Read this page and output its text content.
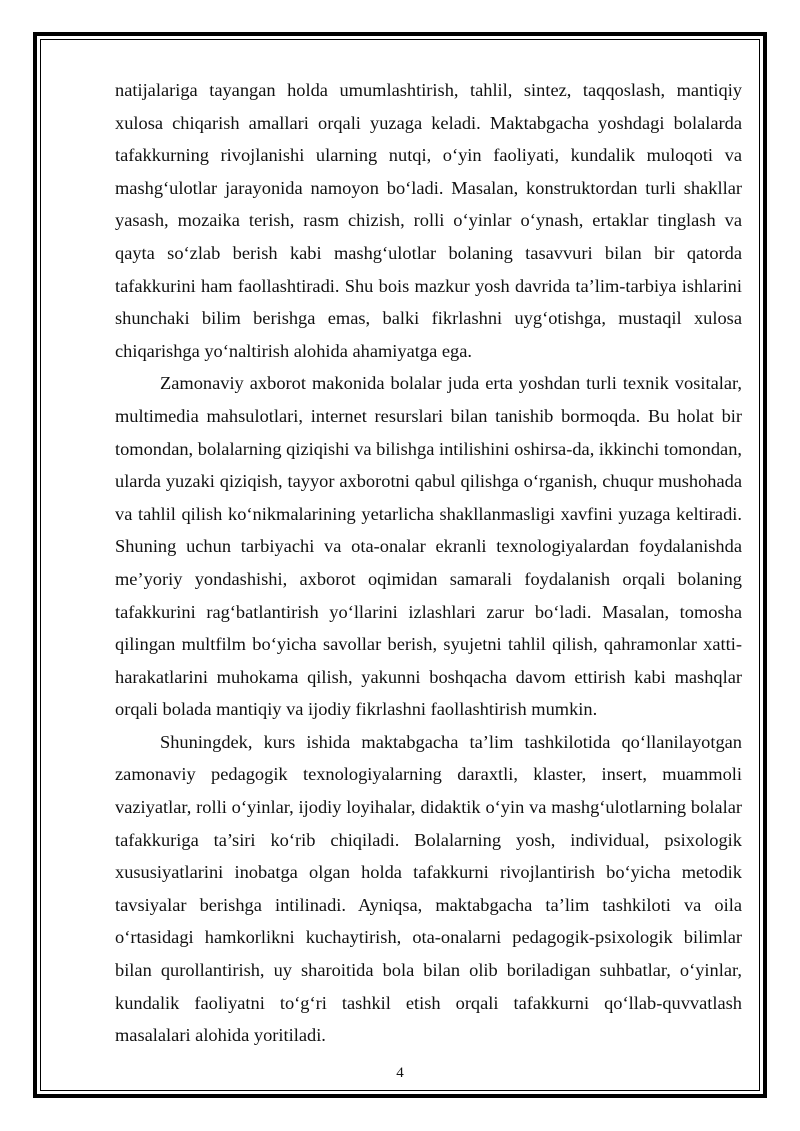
natijalariga tayangan holda umumlashtirish, tahlil, sintez, taqqoslash, mantiqiy xulosa chiqarish amallari orqali yuzaga keladi. Maktabgacha yoshdagi bolalarda tafakkurning rivojlanishi ularning nutqi, o‘yin faoliyati, kundalik muloqoti va mashg‘ulotlar jarayonida namoyon bo‘ladi. Masalan, konstruktordan turli shakllar yasash, mozaika terish, rasm chizish, rolli o‘yinlar o‘ynash, ertaklar tinglash va qayta so‘zlab berish kabi mashg‘ulotlar bolaning tasavvuri bilan bir qatorda tafakkurini ham faollashtiradi. Shu bois mazkur yosh davrida ta’lim-tarbiya ishlarini shunchaki bilim berishga emas, balki fikrlashni uyg‘otishga, mustaqil xulosa chiqarishga yo‘naltirish alohida ahamiyatga ega.

Zamonaviy axborot makonida bolalar juda erta yoshdan turli texnik vositalar, multimedia mahsulotlari, internet resurslari bilan tanishib bormoqda. Bu holat bir tomondan, bolalarning qiziqishi va bilishga intilishini oshirsa-da, ikkinchi tomondan, ularda yuzaki qiziqish, tayyor axborotni qabul qilishga o‘rganish, chuqur mushohada va tahlil qilish ko‘nikmalarining yetarlicha shakllanmasligi xavfini yuzaga keltiradi. Shuning uchun tarbiyachi va ota-onalar ekranli texnologiyalardan foydalanishda me’yoriy yondashishi, axborot oqimidan samarali foydalanish orqali bolaning tafakkurini rag‘batlantirish yo‘llarini izlashlari zarur bo‘ladi. Masalan, tomosha qilingan multfilm bo‘yicha savollar berish, syujetni tahlil qilish, qahramonlar xatti-harakatlarini muhokama qilish, yakunni boshqacha davom ettirish kabi mashqlar orqali bolada mantiqiy va ijodiy fikrlashni faollashtirish mumkin.

Shuningdek, kurs ishida maktabgacha ta’lim tashkilotida qo‘llanilayotgan zamonaviy pedagogik texnologiyalarning daraxtli, klaster, insert, muammoli vaziyatlar, rolli o‘yinlar, ijodiy loyihalar, didaktik o‘yin va mashg‘ulotlarning bolalar tafakkuriga ta’siri ko‘rib chiqiladi. Bolalarning yosh, individual, psixologik xususiyatlarini inobatga olgan holda tafakkurni rivojlantirish bo‘yicha metodik tavsiyalar berishga intilinadi. Ayniqsa, maktabgacha ta’lim tashkiloti va oila o‘rtasidagi hamkorlikni kuchaytirish, ota-onalarni pedagogik-psixologik bilimlar bilan qurollantirish, uy sharoitida bola bilan olib boriladigan suhbatlar, o‘yinlar, kundalik faoliyatni to‘g‘ri tashkil etish orqali tafakkurni qo‘llab-quvvatlash masalalari alohida yoritiladi.

4
